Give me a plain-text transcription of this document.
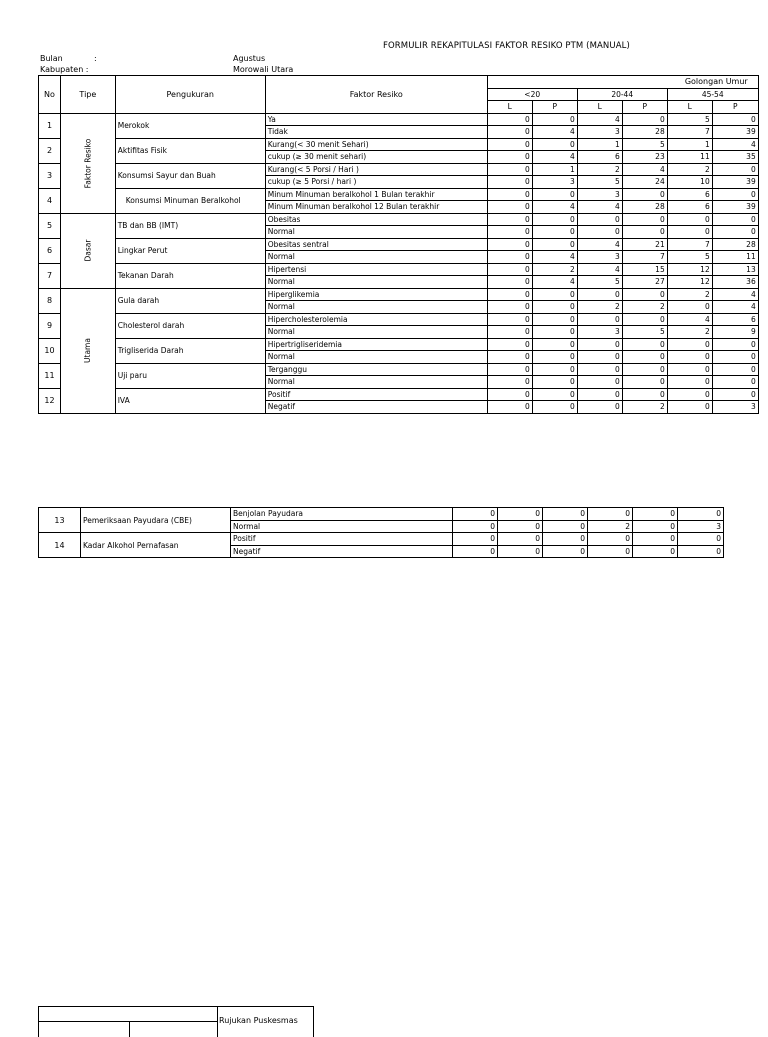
FORMULIR REKAPITULASI FAKTOR RESIKO PTM (MANUAL)
Bulan	:	Agustus
Kabupaten :	Morowali Utara
No	Tipe	Pengukuran	Faktor Resiko	Golongan Umur					
				<20		20-44		45-54	
				L	P	L	P	L	P
1	Faktor Resiko	Merokok	Ya	0	0	4	0	5	0
			Tidak	0	4	3	28	7	39
2		Aktifitas Fisik	Kurang(< 30 menit Sehari)	0	0	1	5	1	4
			cukup (≥ 30 menit sehari)	0	4	6	23	11	35
3		Konsumsi Sayur dan Buah	Kurang(< 5 Porsi / Hari )	0	1	2	4	2	0
			cukup (≥ 5 Porsi / hari )	0	3	5	24	10	39
4		Konsumsi Minuman Beralkohol	Minum Minuman beralkohol 1 Bulan terakhir	0	0	3	0	6	0
			Minum Minuman beralkohol 12 Bulan terakhir	0	4	4	28	6	39
5	Dasar	TB dan BB (IMT)	Obesitas	0	0	0	0	0	0
			Normal	0	0	0	0	0	0
6		Lingkar Perut	Obesitas sentral	0	0	4	21	7	28
			Normal	0	4	3	7	5	11
7		Tekanan Darah	Hipertensi	0	2	4	15	12	13
			Normal	0	4	5	27	12	36
8	Utama	Gula darah	Hiperglikemia	0	0	0	0	2	4
			Normal	0	0	2	2	0	4
9		Cholesterol darah	Hipercholesterolemia	0	0	0	0	4	6
			Normal	0	0	3	5	2	9
10		Trigliserida Darah	Hipertrigliseridemia	0	0	0	0	0	0
			Normal	0	0	0	0	0	0
11		Uji paru	Terganggu	0	0	0	0	0	0
			Normal	0	0	0	0	0	0
12		IVA	Positif	0	0	0	0	0	0
			Negatif	0	0	0	2	0	3
13	Pemeriksaan Payudara (CBE)	Benjolan Payudara	0	0	0	0	0	0
		Normal	0	0	0	2	0	3
14	Kadar Alkohol Pernafasan	Positif	0	0	0	0	0	0
		Negatif	0	0	0	0	0	0
Rujukan Puskesmas
